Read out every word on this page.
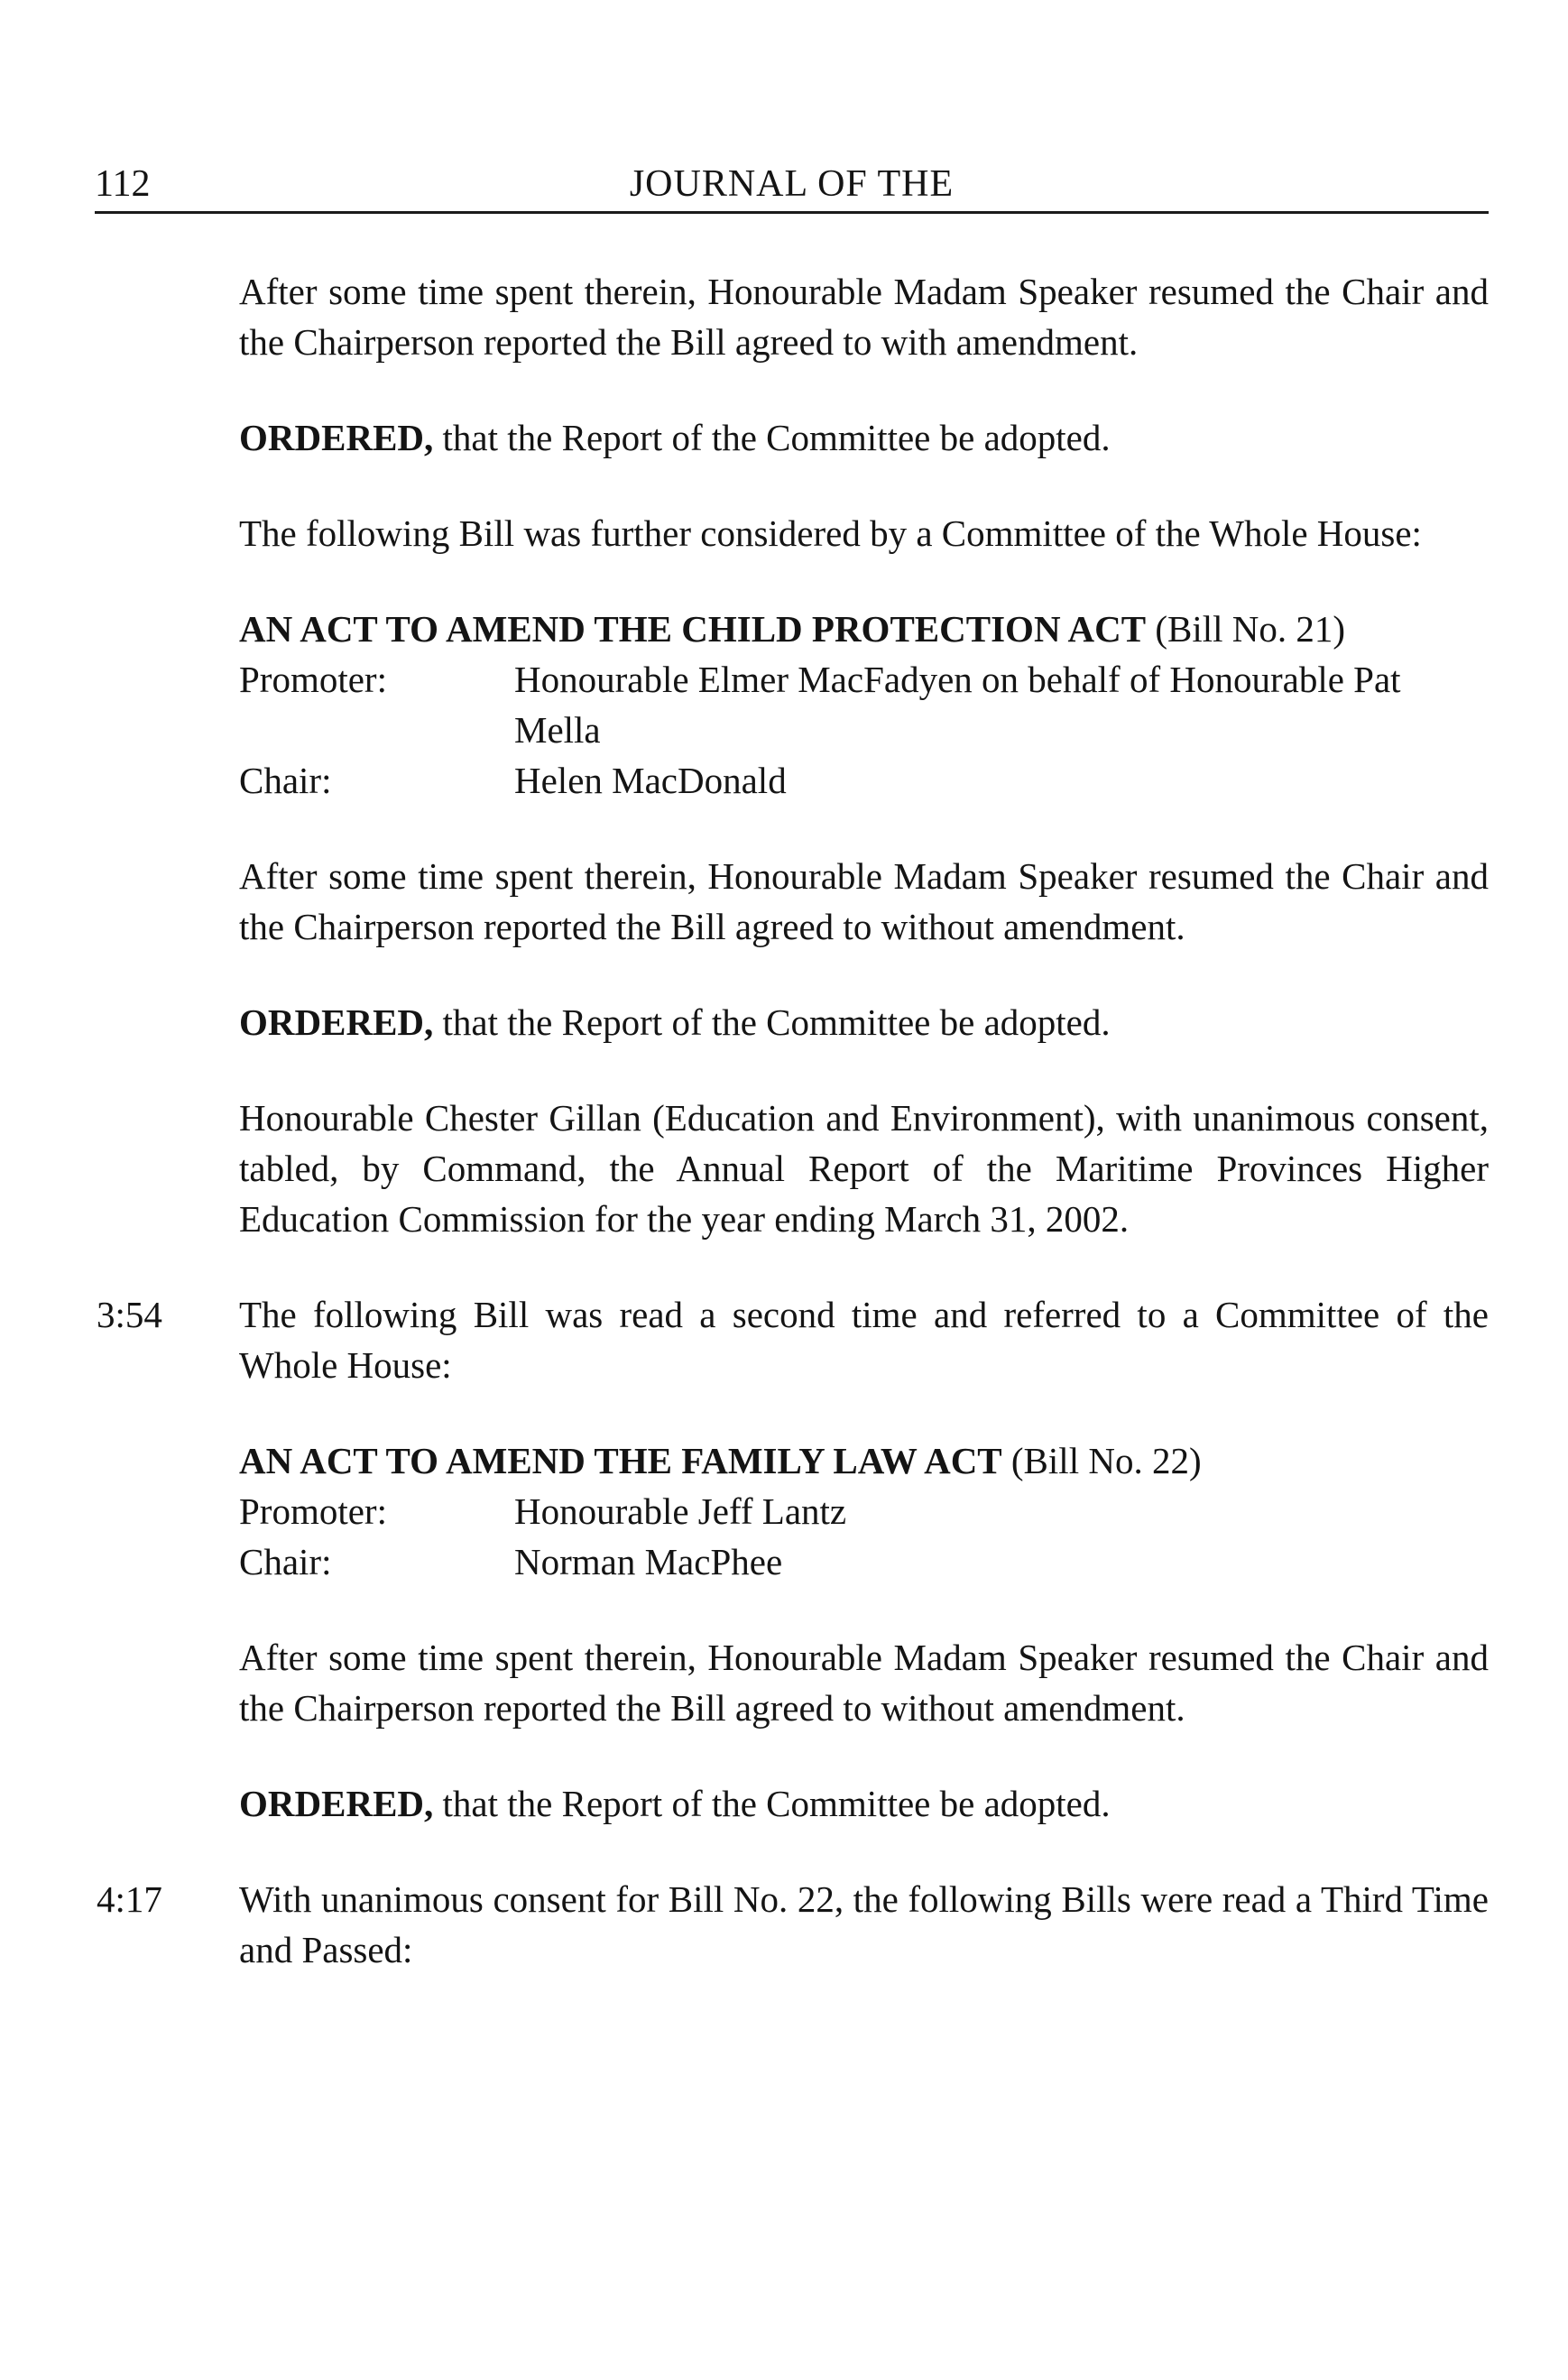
112	JOURNAL OF THE

After some time spent therein, Honourable Madam Speaker resumed the Chair and the Chairperson reported the Bill agreed to with amendment.

ORDERED, that the Report of the Committee be adopted.

The following Bill was further considered by a Committee of the Whole House:

AN ACT TO AMEND THE CHILD PROTECTION ACT (Bill No. 21)

Promoter:	Honourable Elmer MacFadyen on behalf of Honourable Pat Mella
Chair:	Helen MacDonald

After some time spent therein, Honourable Madam Speaker resumed the Chair and the Chairperson reported the Bill agreed to without amendment.

ORDERED, that the Report of the Committee be adopted.

Honourable Chester Gillan (Education and Environment), with unanimous consent, tabled, by Command, the Annual Report of the Maritime Provinces Higher Education Commission for the year ending March 31, 2002.

3:54 The following Bill was read a second time and referred to a Committee of the Whole House:

AN ACT TO AMEND THE FAMILY LAW ACT (Bill No. 22)

Promoter:	Honourable Jeff Lantz
Chair:	Norman MacPhee

After some time spent therein, Honourable Madam Speaker resumed the Chair and the Chairperson reported the Bill agreed to without amendment.

ORDERED, that the Report of the Committee be adopted.

4:17 With unanimous consent for Bill No. 22, the following Bills were read a Third Time and Passed:
